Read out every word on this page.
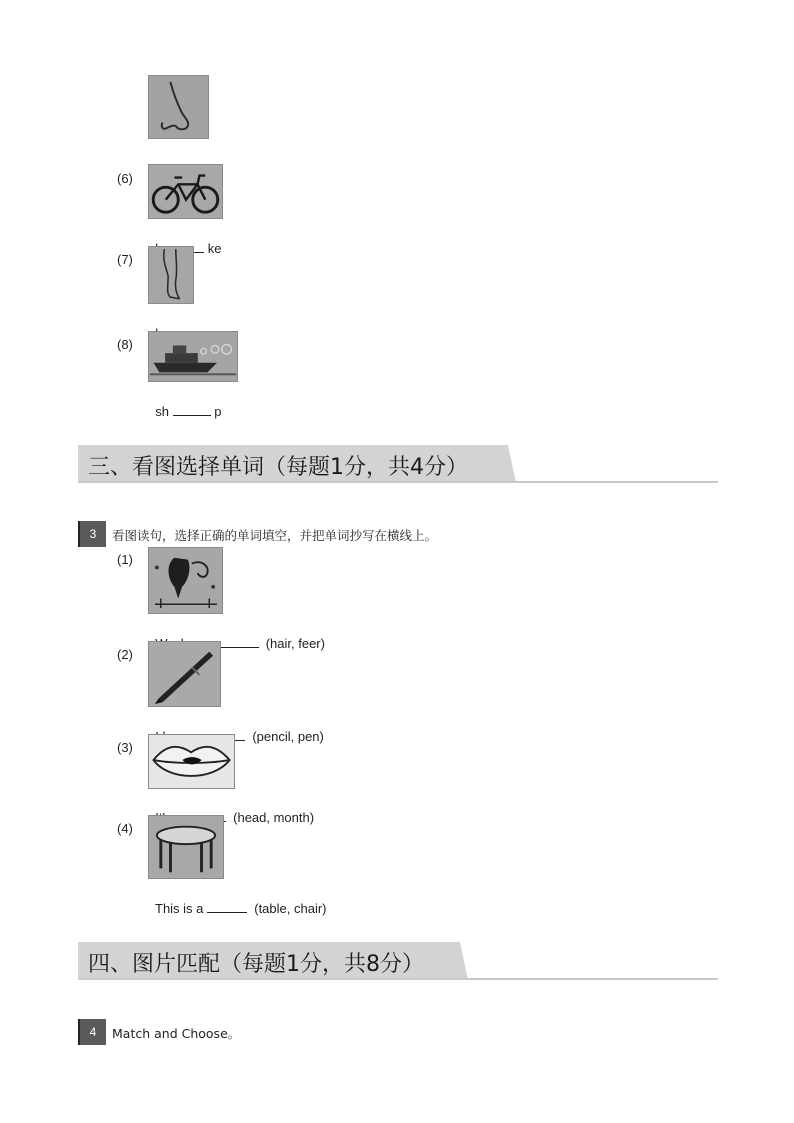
(6)

ke

(7)

(8)

sh	p

三、看图选择单词（每题1分，共4分）
3	看图读句，选择正确的单词填空，并把单词抄写在横线上。
(1)

(hair, feer)

(2)

(pencil, pen)

(3)

(head, month)

(4)

This is a	(table, chair)

四、图片匹配（每题1分，共8分）
4	Match and Choose。
